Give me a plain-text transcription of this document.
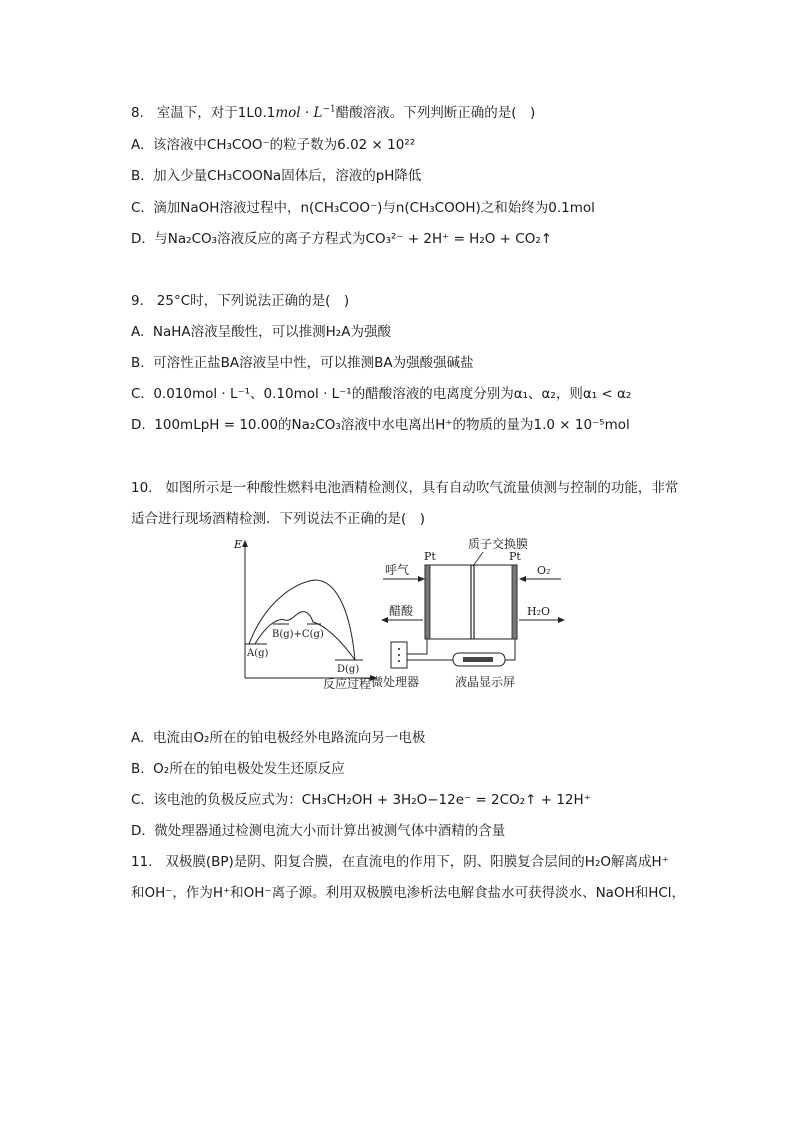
8. 室温下，对于$1L0.1mol \cdot L^{-1}$醋酸溶液。下列判断正确的是(　)
A. 该溶液中CH₃COO⁻的粒子数为6.02 × 10²²
B. 加入少量CH₃COONa固体后，溶液的pH降低
C. 滴加NaOH溶液过程中，n(CH₃COO⁻)与n(CH₃COOH)之和始终为0.1mol
D. 与Na₂CO₃溶液反应的离子方程式为CO₃²⁻ + 2H⁺ = H₂O + CO₂↑
9. 25°C时，下列说法正确的是(　)
A. NaHA溶液呈酸性，可以推测H₂A为强酸
B. 可溶性正盐BA溶液呈中性，可以推测BA为强酸强碱盐
C. 0.010mol · L⁻¹、0.10mol · L⁻¹的醋酸溶液的电离度分别为α₁、α₂，则α₁ < α₂
D. 100mLpH = 10.00的Na₂CO₃溶液中水电离出H⁺的物质的量为1.0 × 10⁻⁵mol
10. 如图所示是一种酸性燃料电池酒精检测仪，具有自动吹气流量侦测与控制的功能，非常
适合进行现场酒精检测．下列说法不正确的是(　)
E
A(g)
B(g)+C(g)
D(g)
反应过程
质子交换膜
Pt	Pt
呼气
醋酸
O₂
H₂O
微处理器	液晶显示屏
A. 电流由O₂所在的铂电极经外电路流向另一电极
B. O₂所在的铂电极处发生还原反应
C. 该电池的负极反应式为：CH₃CH₂OH + 3H₂O−12e⁻ = 2CO₂↑ + 12H⁺
D. 微处理器通过检测电流大小而计算出被测气体中酒精的含量
11. 双极膜(BP)是阴、阳复合膜，在直流电的作用下，阴、阳膜复合层间的H₂O解离成H⁺
和OH⁻，作为H⁺和OH⁻离子源。利用双极膜电渗析法电解食盐水可获得淡水、NaOH和HCl，
